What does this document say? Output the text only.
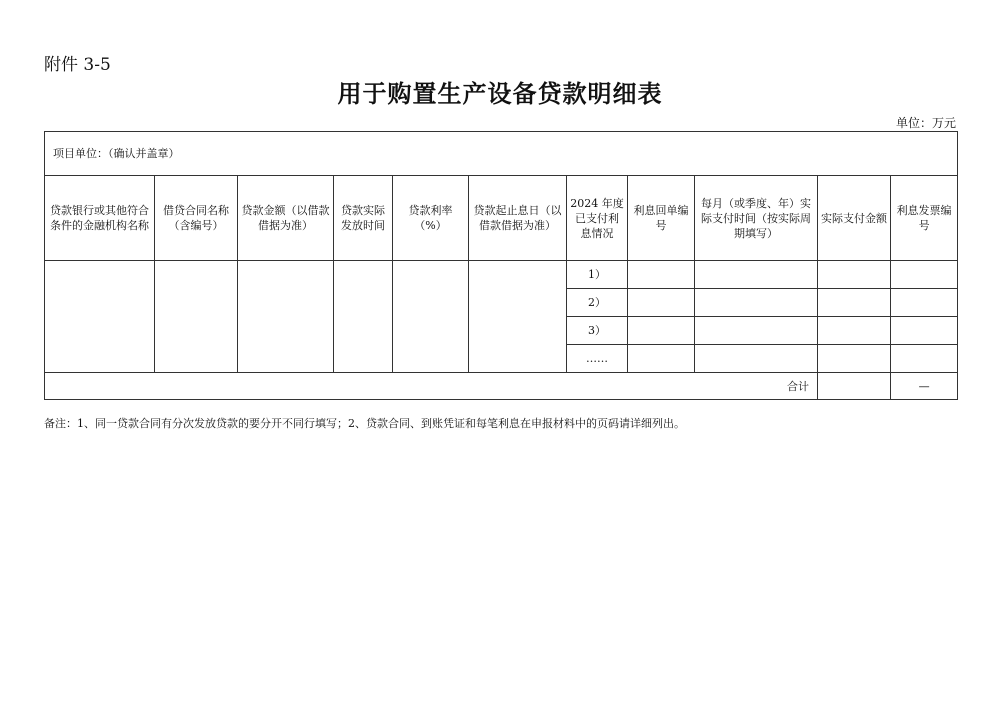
附件 3-5
用于购置生产设备贷款明细表
单位：万元
项目单位：（确认并盖章）										
贷款银行或其他符合条件的金融机构名称	借贷合同名称（含编号）	贷款金额（以借款借据为准）	贷款实际发放时间	贷款利率（%）	贷款起止息日（以借款借据为准）	2024 年度已支付利息情况	利息回单编号	每月（或季度、年）实际支付时间（按实际周期填写）	实际支付金额	利息发票编号
						1）				
						2）				
						3）				
						……				
合计										—
备注：1、同一贷款合同有分次发放贷款的要分开不同行填写；2、贷款合同、到账凭证和每笔利息在申报材料中的页码请详细列出。
